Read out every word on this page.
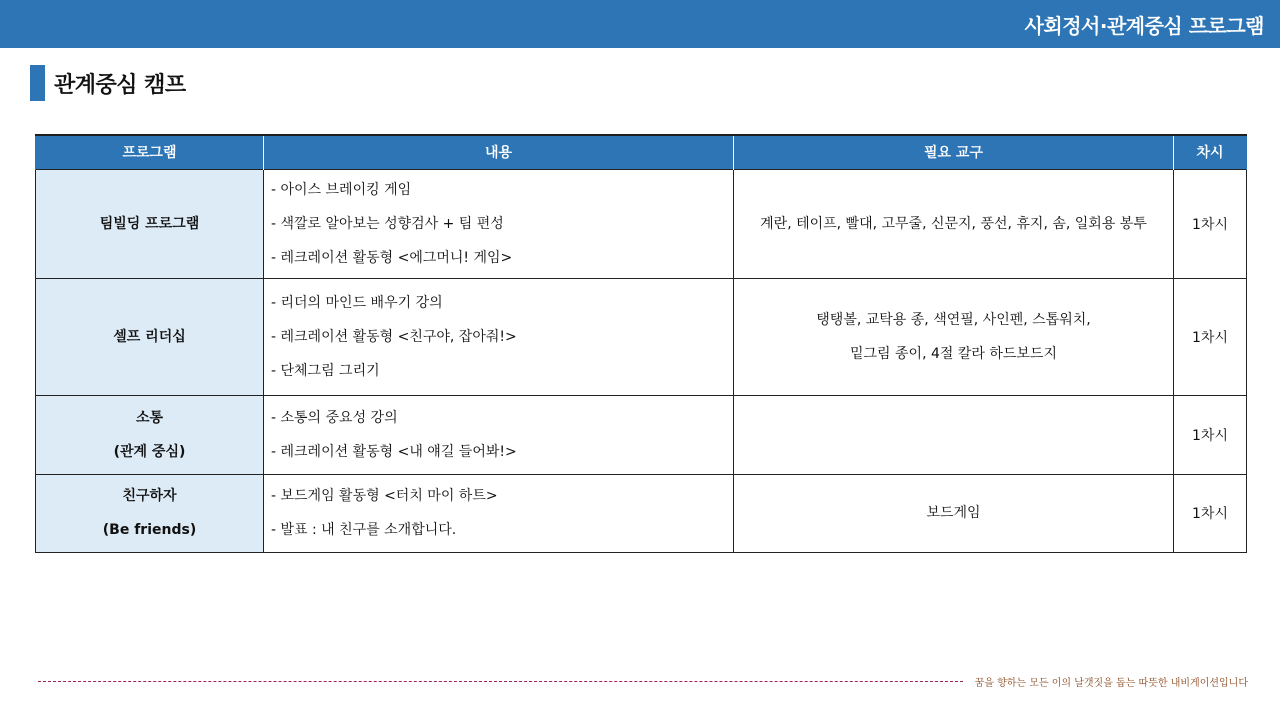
사회정서·관계중심 프로그램
관계중심 캠프
프로그램	내용	필요 교구	차시

팀빌딩 프로그램	- 아이스 브레이킹 게임
- 색깔로 알아보는 성향검사 + 팀 편성
- 레크레이션 활동형 <에그머니! 게임>	계란, 테이프, 빨대, 고무줄, 신문지, 풍선, 휴지, 솜, 일회용 봉투	1차시

셀프 리더십	- 리더의 마인드 배우기 강의
- 레크레이션 활동형 <친구야, 잡아줘!>
- 단체그림 그리기	탱탱볼, 교탁용 종, 색연필, 사인펜, 스톱워치,
밑그림 종이, 4절 칼라 하드보드지	1차시

소통
(관계 중심)	- 소통의 중요성 강의
- 레크레이션 활동형 <내 얘길 들어봐!>		1차시

친구하자
(Be friends)	- 보드게임 활동형 <터치 마이 하트>
- 발표 : 내 친구를 소개합니다.	보드게임	1차시
꿈을 향하는 모든 이의 날갯짓을 돕는 따뜻한 내비게이션입니다
